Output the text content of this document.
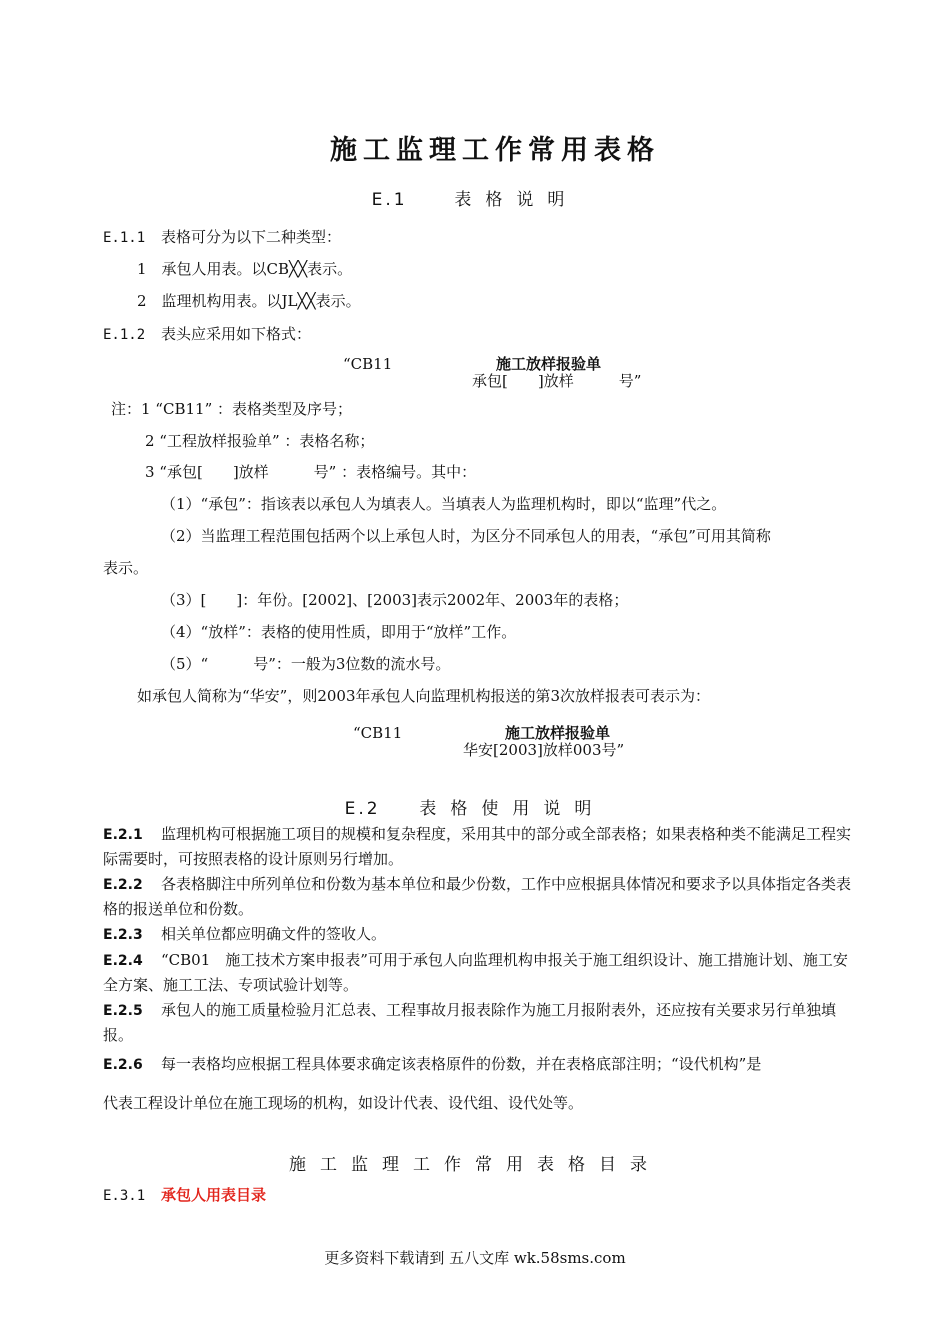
施工监理工作常用表格
E.1	表格说明
E.1.1 表格可分为以下二种类型：
1　承包人用表。以CB╳╳表示。
2　监理机构用表。以JL╳╳表示。
E.1.2 表头应采用如下格式：
“CB11	施工放样报验单
承包[　　]放样　　　号”
注：1 “CB11” ：表格类型及序号；
2 “工程放样报验单” ：表格名称；
3 “承包[　　]放样　　　号” ：表格编号。其中：
（1）“承包”：指该表以承包人为填表人。当填表人为监理机构时，即以“监理”代之。
（2）当监理工程范围包括两个以上承包人时，为区分不同承包人的用表，“承包”可用其简称
表示。
（3）[　　]：年份。[2002]、[2003]表示2002年、2003年的表格；
（4）“放样”：表格的使用性质，即用于“放样”工作。
（5）“　　　号”：一般为3位数的流水号。
如承包人简称为“华安”，则2003年承包人向监理机构报送的第3次放样报表可表示为：
“CB11	施工放样报验单
华安[2003]放样003号”
E.2 表格使用说明
E.2.1 监理机构可根据施工项目的规模和复杂程度，采用其中的部分或全部表格；如果表格种类不能满足工程实际需要时，可按照表格的设计原则另行增加。
E.2.2 各表格脚注中所列单位和份数为基本单位和最少份数，工作中应根据具体情况和要求予以具体指定各类表格的报送单位和份数。
E.2.3 相关单位都应明确文件的签收人。
E.2.4 “CB01　施工技术方案申报表”可用于承包人向监理机构申报关于施工组织设计、施工措施计划、施工安全方案、施工工法、专项试验计划等。
E.2.5 承包人的施工质量检验月汇总表、工程事故月报表除作为施工月报附表外，还应按有关要求另行单独填报。
E.2.6 每一表格均应根据工程具体要求确定该表格原件的份数，并在表格底部注明；“设代机构”是
代表工程设计单位在施工现场的机构，如设计代表、设代组、设代处等。
施工监理工作常用表格目录
E.3.1 承包人用表目录
更多资料下载请到 五八文库 wk.58sms.com
